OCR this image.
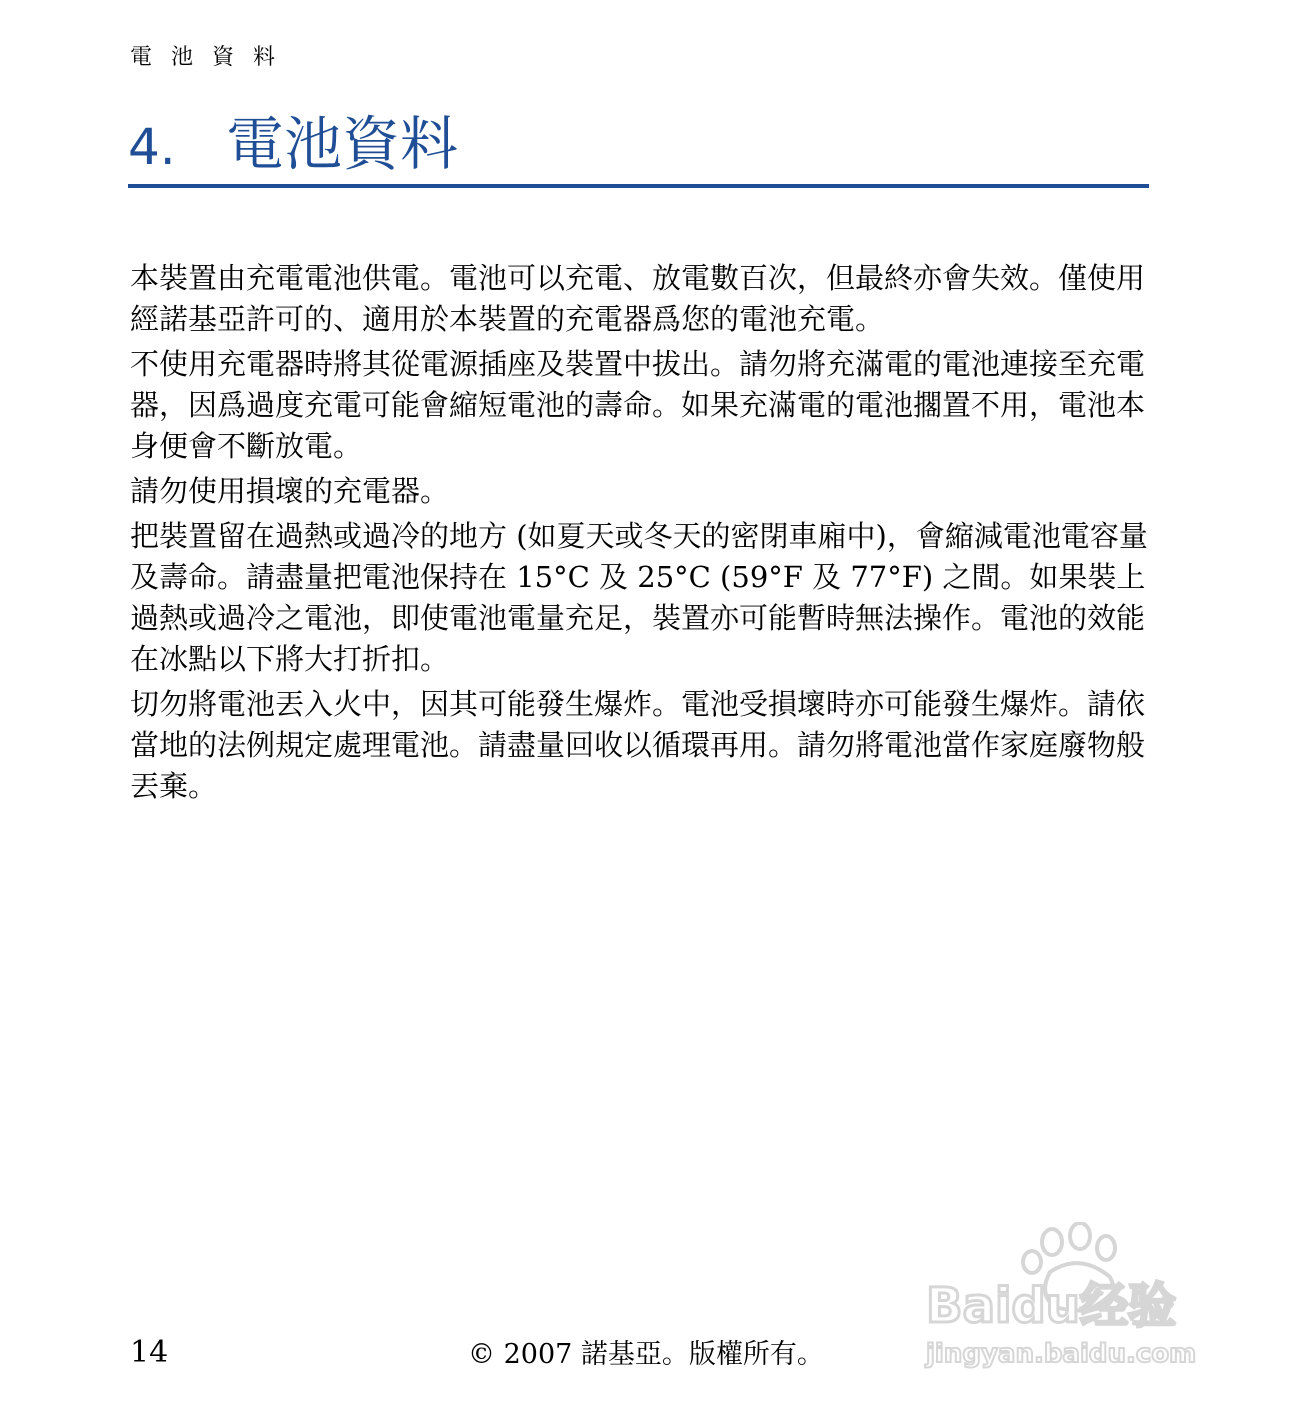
電 池 資 料
4. 電池資料

本裝置由充電電池供電。電池可以充電、放電數百次，但最終亦會失效。僅使用經諾基亞許可的、適用於本裝置的充電器爲您的電池充電。

不使用充電器時將其從電源插座及裝置中拔出。請勿將充滿電的電池連接至充電器，因爲過度充電可能會縮短電池的壽命。如果充滿電的電池擱置不用，電池本身便會不斷放電。

請勿使用損壞的充電器。

把裝置留在過熱或過冷的地方 (如夏天或冬天的密閉車廂中)，會縮減電池電容量及壽命。請盡量把電池保持在 15°C 及 25°C (59°F 及 77°F) 之間。如果裝上過熱或過冷之電池，即使電池電量充足，裝置亦可能暫時無法操作。電池的效能在冰點以下將大打折扣。

切勿將電池丟入火中，因其可能發生爆炸。電池受損壞時亦可能發生爆炸。請依當地的法例規定處理電池。請盡量回收以循環再用。請勿將電池當作家庭廢物般丟棄。

14	© 2007 諾基亞。版權所有。
Baidu经验
jingyan.baidu.com
